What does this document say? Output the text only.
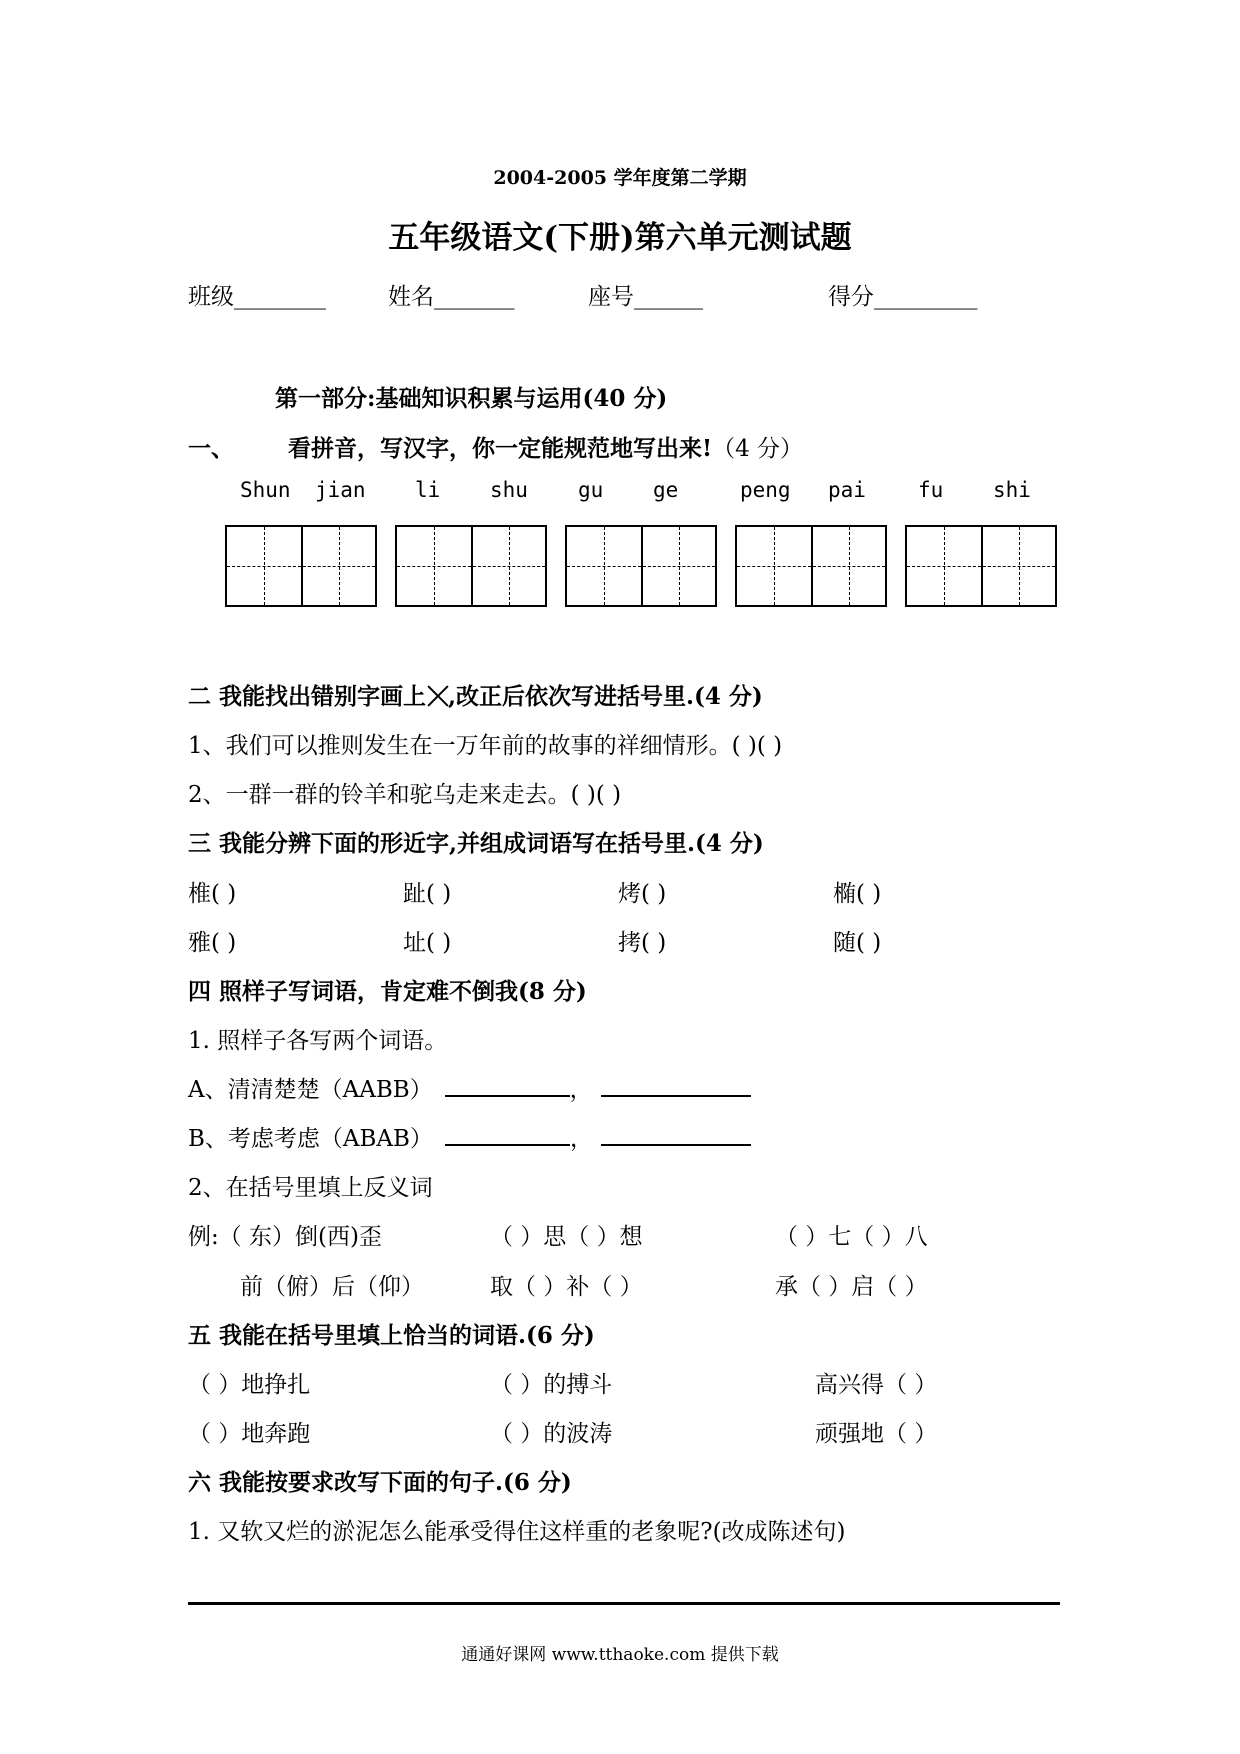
2004-2005 学年度第二学期
五年级语文(下册)第六单元测试题
班级________	姓名_______	座号______	得分_________
第一部分:基础知识积累与运用(40 分)
一、 看拼音，写汉字，你一定能规范地写出来!（4 分）
Shun jian li shu gu ge	peng pai fu shi
二 我能找出错别字画上 ,改正后依次写进括号里.(4 分)
1、我们可以推则发生在一万年前的故事的祥细情形。( )( )
2、一群一群的铃羊和驼乌走来走去。( )( )
三 我能分辨下面的形近字,并组成词语写在括号里.(4 分)
椎( )	趾( )	烤( )	椭( )
雅( )	址( )	拷( )	随( )
四 照样子写词语，肯定难不倒我(8 分)
1. 照样子各写两个词语。
A、清清楚楚（AABB）	，
B、考虑考虑（ABAB）	，
2、在括号里填上反义词
例:（ 东）倒(西)歪	（ ）思（ ）想	（ ）七（ ）八
前（俯）后（仰）	取（ ）补（ ）	承（ ）启（ ）
五 我能在括号里填上恰当的词语.(6 分)
（ ）地挣扎	（ ）的搏斗	高兴得（ ）
（ ）地奔跑	（ ）的波涛	顽强地（ ）
六 我能按要求改写下面的句子.(6 分)
1. 又软又烂的淤泥怎么能承受得住这样重的老象呢?(改成陈述句)
通通好课网 www.tthaoke.com 提供下载
